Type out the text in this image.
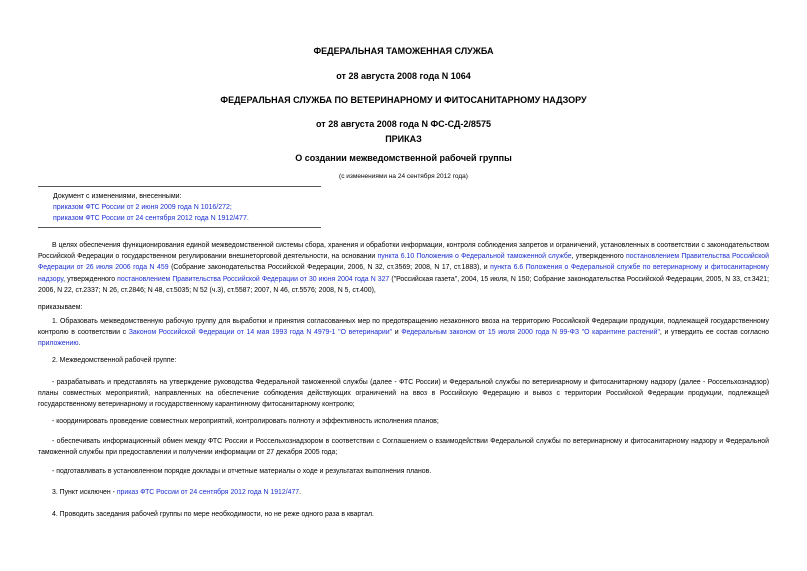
ФЕДЕРАЛЬНАЯ ТАМОЖЕННАЯ СЛУЖБА
от 28 августа 2008 года N 1064
ФЕДЕРАЛЬНАЯ СЛУЖБА ПО ВЕТЕРИНАРНОМУ И ФИТОСАНИТАРНОМУ НАДЗОРУ
от 28 августа 2008 года N ФС-СД-2/8575
ПРИКАЗ
О создании межведомственной рабочей группы
(с изменениями на 24 сентября 2012 года)
Документ с изменениями, внесенными:
приказом ФТС России от 2 июня 2009 года N 1016/272;
приказом ФТС России от 24 сентября 2012 года N 1912/477.

В целях обеспечения функционирования единой межведомственной системы сбора, хранения и обработки информации, контроля соблюдения запретов и ограничений, установленных в соответствии с законодательством Российской Федерации о государственном регулировании внешнеторговой деятельности, на основании пункта 6.10 Положения о Федеральной таможенной службе, утвержденного постановлением Правительства Российской Федерации от 26 июля 2006 года N 459 (Собрание законодательства Российской Федерации, 2006, N 32, ст.3569; 2008, N 17, ст.1883), и пункта 6.6 Положения о Федеральной службе по ветеринарному и фитосанитарному надзору, утвержденного постановлением Правительства Российской Федерации от 30 июня 2004 года N 327 ("Российская газета", 2004, 15 июля, N 150; Собрание законодательства Российской Федерации, 2005, N 33, ст.3421; 2006, N 22, ст.2337; N 26, ст.2846; N 48, ст.5035; N 52 (ч.3), ст.5587; 2007, N 46, ст.5576; 2008, N 5, ст.400),

приказываем:

1. Образовать межведомственную рабочую группу для выработки и принятия согласованных мер по предотвращению незаконного ввоза на территорию Российской Федерации продукции, подлежащей государственному контролю в соответствии с Законом Российской Федерации от 14 мая 1993 года N 4979-1 "О ветеринарии" и Федеральным законом от 15 июля 2000 года N 99-ФЗ "О карантине растений", и утвердить ее состав согласно приложению.

2. Межведомственной рабочей группе:

- разрабатывать и представлять на утверждение руководства Федеральной таможенной службы (далее - ФТС России) и Федеральной службы по ветеринарному и фитосанитарному надзору (далее - Россельхознадзор) планы совместных мероприятий, направленных на обеспечение соблюдения действующих ограничений на ввоз в Российскую Федерацию и вывоз с территории Российской Федерации продукции, подлежащей государственному ветеринарному и государственному карантинному фитосанитарному контролю;

- координировать проведение совместных мероприятий, контролировать полноту и эффективность исполнения планов;

- обеспечивать информационный обмен между ФТС России и Россельхознадзором в соответствии с Соглашением о взаимодействии Федеральной службы по ветеринарному и фитосанитарному надзору и Федеральной таможенной службы при предоставлении и получении информации от 27 декабря 2005 года;

- подготавливать в установленном порядке доклады и отчетные материалы о ходе и результатах выполнения планов.

3. Пункт исключен - приказ ФТС России от 24 сентября 2012 года N 1912/477.

4. Проводить заседания рабочей группы по мере необходимости, но не реже одного раза в квартал.
